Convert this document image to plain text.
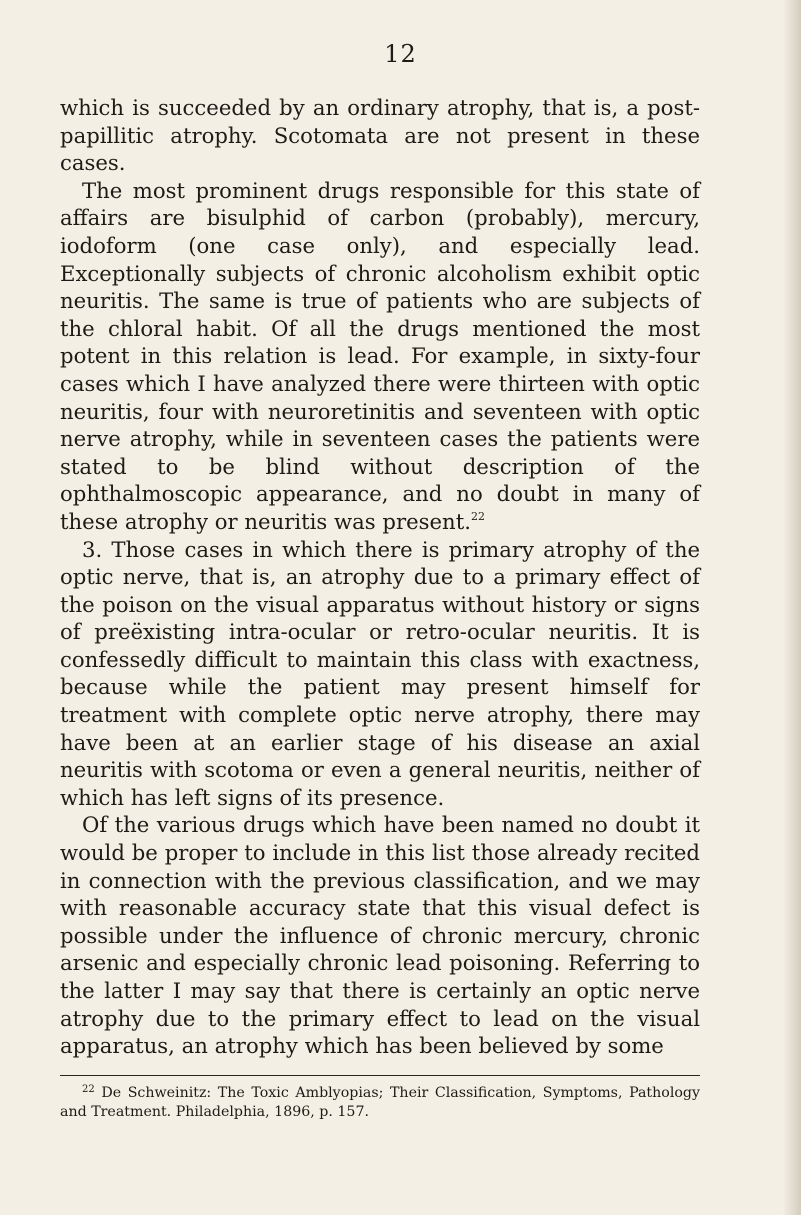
12

which is succeeded by an ordinary atrophy, that is, a post-papillitic atrophy. Scotomata are not present in these cases.

The most prominent drugs responsible for this state of affairs are bisulphid of carbon (probably), mercury, iodoform (one case only), and especially lead. Exceptionally subjects of chronic alcoholism exhibit optic neuritis. The same is true of patients who are subjects of the chloral habit. Of all the drugs mentioned the most potent in this relation is lead. For example, in sixty-four cases which I have analyzed there were thirteen with optic neuritis, four with neuroretinitis and seventeen with optic nerve atrophy, while in seventeen cases the patients were stated to be blind without description of the ophthalmoscopic appearance, and no doubt in many of these atrophy or neuritis was present.$^{22}$

3. Those cases in which there is primary atrophy of the optic nerve, that is, an atrophy due to a primary effect of the poison on the visual apparatus without history or signs of preëxisting intra-ocular or retro-ocular neuritis. It is confessedly difficult to maintain this class with exactness, because while the patient may present himself for treatment with complete optic nerve atrophy, there may have been at an earlier stage of his disease an axial neuritis with scotoma or even a general neuritis, neither of which has left signs of its presence.

Of the various drugs which have been named no doubt it would be proper to include in this list those already recited in connection with the previous classification, and we may with reasonable accuracy state that this visual defect is possible under the influence of chronic mercury, chronic arsenic and especially chronic lead poisoning. Referring to the latter I may say that there is certainly an optic nerve atrophy due to the primary effect to lead on the visual apparatus, an atrophy which has been believed by some

$^{22}$ De Schweinitz: The Toxic Amblyopias; Their Classification, Symptoms, Pathology and Treatment. Philadelphia, 1896, p. 157.
